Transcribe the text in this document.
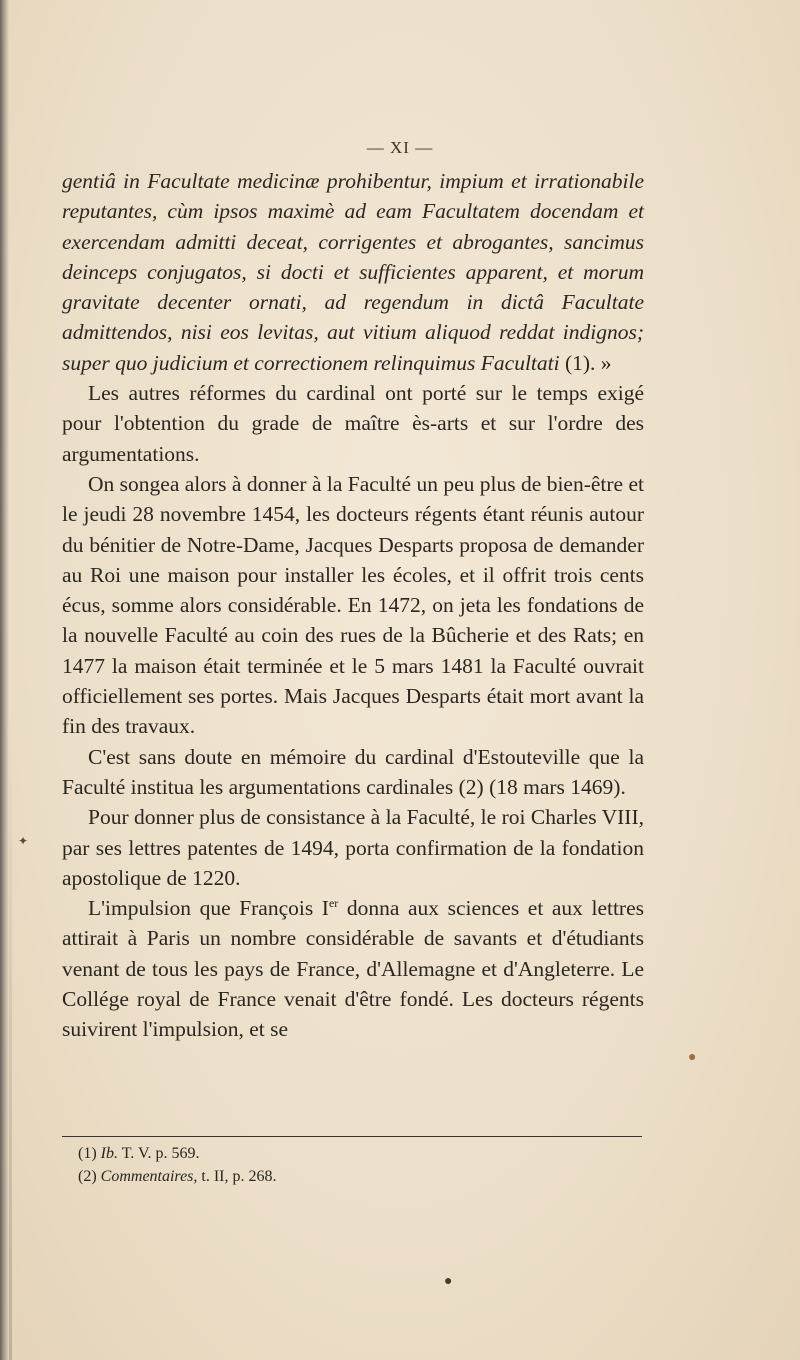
— XI —

gentiâ in Facultate medicinæ prohibentur, impium et irrationabile reputantes, cùm ipsos maximè ad eam Facultatem docendam et exercendam admitti deceat, corrigentes et abrogantes, sancimus deinceps conjugatos, si docti et sufficientes apparent, et morum gravitate decenter ornati, ad regendum in dictâ Facultate admittendos, nisi eos levitas, aut vitium aliquod reddat indignos; super quo judicium et correctionem relinquimus Facultati (1). »

Les autres réformes du cardinal ont porté sur le temps exigé pour l'obtention du grade de maître ès-arts et sur l'ordre des argumentations.

On songea alors à donner à la Faculté un peu plus de bien-être et le jeudi 28 novembre 1454, les docteurs régents étant réunis autour du bénitier de Notre-Dame, Jacques Desparts proposa de demander au Roi une maison pour installer les écoles, et il offrit trois cents écus, somme alors considérable. En 1472, on jeta les fondations de la nouvelle Faculté au coin des rues de la Bûcherie et des Rats; en 1477 la maison était terminée et le 5 mars 1481 la Faculté ouvrait officiellement ses portes. Mais Jacques Desparts était mort avant la fin des travaux.

C'est sans doute en mémoire du cardinal d'Estouteville que la Faculté institua les argumentations cardinales (2) (18 mars 1469).

Pour donner plus de consistance à la Faculté, le roi Charles VIII, par ses lettres patentes de 1494, porta confirmation de la fondation apostolique de 1220.

L'impulsion que François Ier donna aux sciences et aux lettres attirait à Paris un nombre considérable de savants et d'étudiants venant de tous les pays de France, d'Allemagne et d'Angleterre. Le Collége royal de France venait d'être fondé. Les docteurs régents suivirent l'impulsion, et se

(1) Ib. T. V. p. 569.
(2) Commentaires, t. II, p. 268.
✦
●
●
